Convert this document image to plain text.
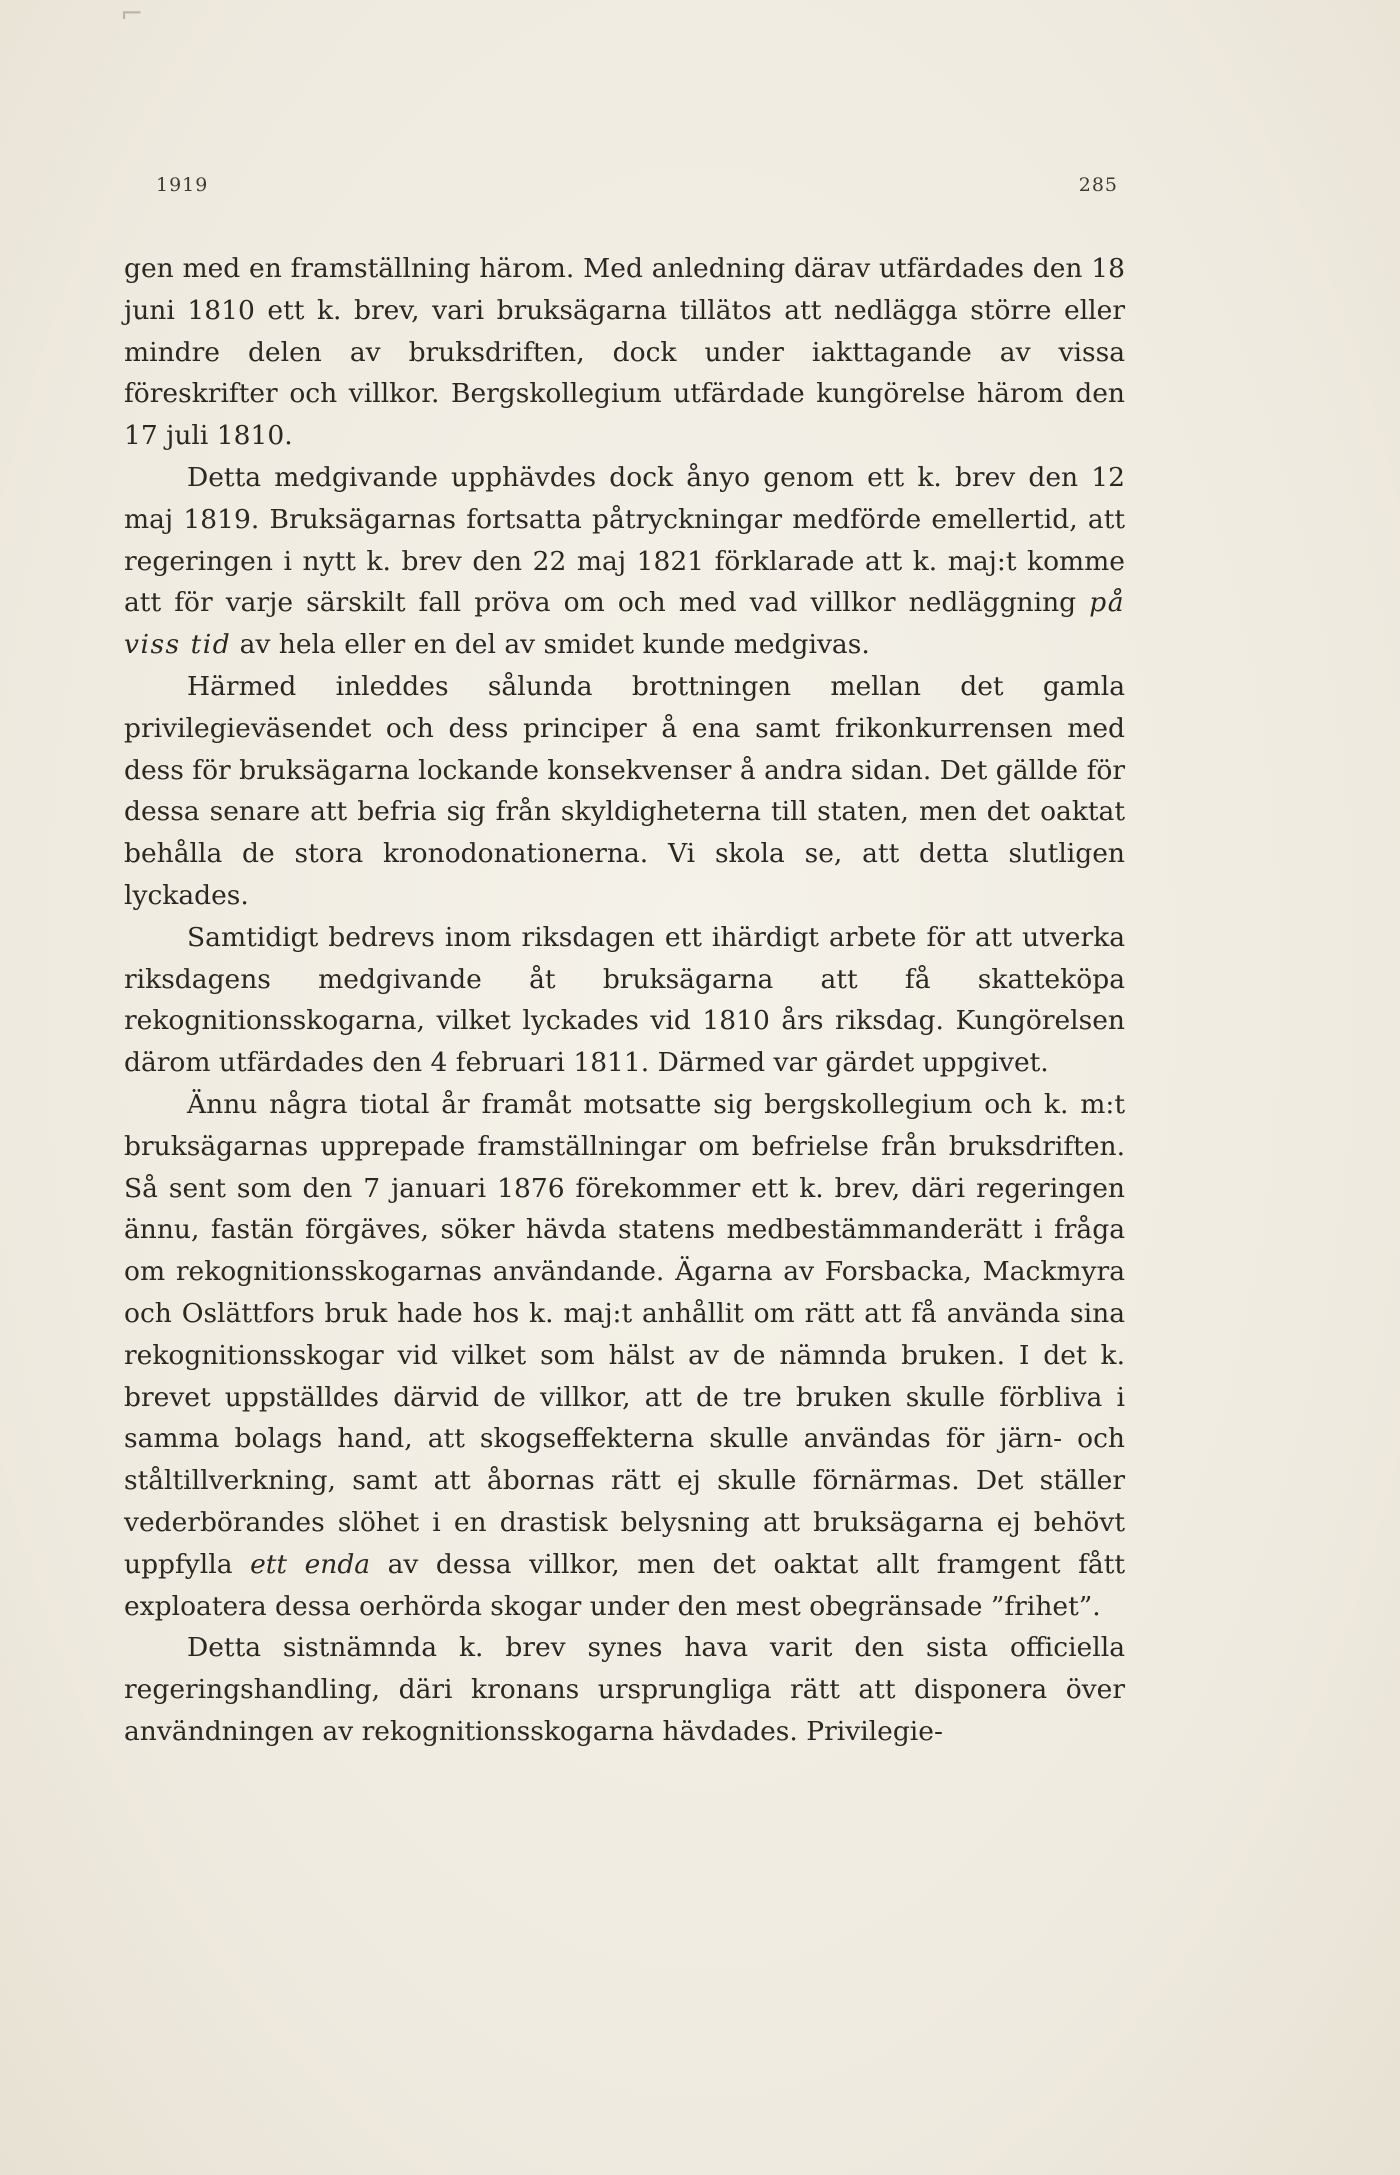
⌐
1919	285

gen med en framställning härom. Med anledning därav utfärdades den 18 juni 1810 ett k. brev, vari bruksägarna tillätos att nedlägga större eller mindre delen av bruksdriften, dock under iakttagande av vissa föreskrifter och villkor. Bergskollegium utfärdade kungörelse härom den 17 juli 1810.

Detta medgivande upphävdes dock ånyo genom ett k. brev den 12 maj 1819. Bruksägarnas fortsatta påtryckningar medförde emellertid, att regeringen i nytt k. brev den 22 maj 1821 förklarade att k. maj:t komme att för varje särskilt fall pröva om och med vad villkor nedläggning på viss tid av hela eller en del av smidet kunde medgivas.

Härmed inleddes sålunda brottningen mellan det gamla privilegieväsendet och dess principer å ena samt frikonkurrensen med dess för bruksägarna lockande konsekvenser å andra sidan. Det gällde för dessa senare att befria sig från skyldigheterna till staten, men det oaktat behålla de stora kronodonationerna. Vi skola se, att detta slutligen lyckades.

Samtidigt bedrevs inom riksdagen ett ihärdigt arbete för att utverka riksdagens medgivande åt bruksägarna att få skatteköpa rekognitionsskogarna, vilket lyckades vid 1810 års riksdag. Kungörelsen därom utfärdades den 4 februari 1811. Därmed var gärdet uppgivet.

Ännu några tiotal år framåt motsatte sig bergskollegium och k. m:t bruksägarnas upprepade framställningar om befrielse från bruksdriften. Så sent som den 7 januari 1876 förekommer ett k. brev, däri regeringen ännu, fastän förgäves, söker hävda statens medbestämmanderätt i fråga om rekognitionsskogarnas användande. Ägarna av Forsbacka, Mackmyra och Oslättfors bruk hade hos k. maj:t anhållit om rätt att få använda sina rekognitionsskogar vid vilket som hälst av de nämnda bruken. I det k. brevet uppställdes därvid de villkor, att de tre bruken skulle förbliva i samma bolags hand, att skogseffekterna skulle användas för järn- och ståltillverkning, samt att åbornas rätt ej skulle förnärmas. Det ställer vederbörandes slöhet i en drastisk belysning att bruksägarna ej behövt uppfylla ett enda av dessa villkor, men det oaktat allt framgent fått exploatera dessa oerhörda skogar under den mest obegränsade ”frihet”.

Detta sistnämnda k. brev synes hava varit den sista officiella regeringshandling, däri kronans ursprungliga rätt att disponera över användningen av rekognitionsskogarna hävdades. Privilegie-
